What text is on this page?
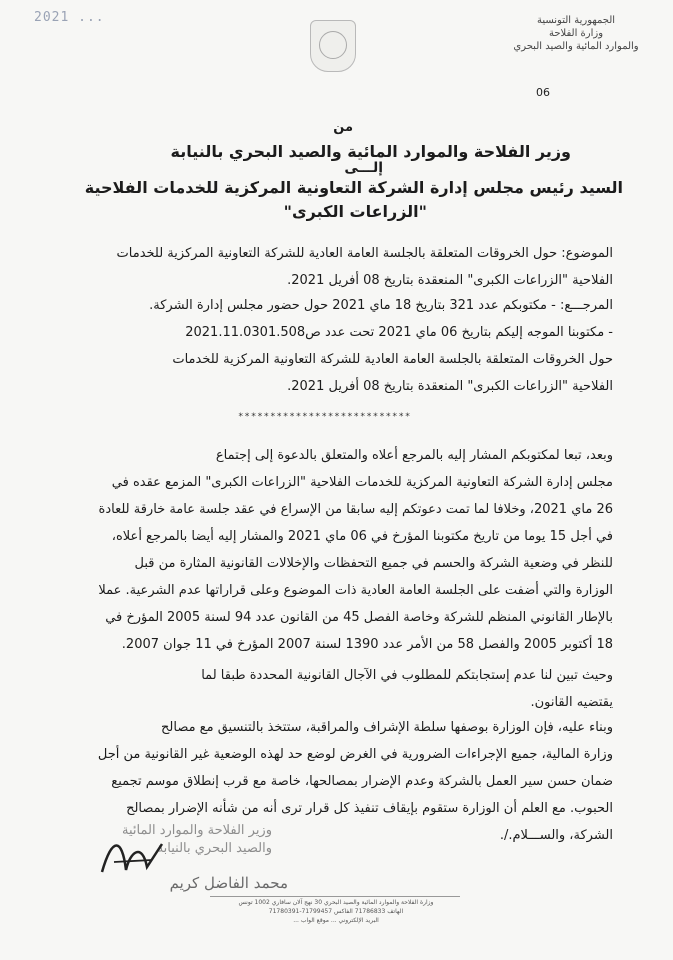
2021 ...	الجمهورية التونسية
وزارة الفلاحة
والموارد المائية والصيد البحري
06
من
وزير الفلاحة والموارد المائية والصيد البحري بالنيابة
إلـــى
السيد رئيس مجلس إدارة الشركة التعاونية المركزية للخدمات الفلاحية
"الزراعات الكبرى"
الموضوع: حول الخروقات المتعلقة بالجلسة العامة العادية للشركة التعاونية المركزية للخدمات
الفلاحية "الزراعات الكبرى" المنعقدة بتاريخ 08 أفريل 2021.
المرجـــع: - مكتوبكم عدد 321 بتاريخ 18 ماي 2021 حول حضور مجلس إدارة الشركة.
- مكتوبنا الموجه إليكم بتاريخ 06 ماي 2021 تحت عدد ص2021.11.0301.508
حول الخروقات المتعلقة بالجلسة العامة العادية للشركة التعاونية المركزية للخدمات
الفلاحية "الزراعات الكبرى" المنعقدة بتاريخ 08 أفريل 2021.
***************************
وبعد، تبعا لمكتوبكم المشار إليه بالمرجع أعلاه والمتعلق بالدعوة إلى إجتماع
مجلس إدارة الشركة التعاونية المركزية للخدمات الفلاحية "الزراعات الكبرى" المزمع عقده في
26 ماي 2021، وخلافا لما تمت دعوتكم إليه سابقا من الإسراع في عقد جلسة عامة خارقة للعادة
في أجل 15 يوما من تاريخ مكتوبنا المؤرخ في 06 ماي 2021 والمشار إليه أيضا بالمرجع أعلاه،
للنظر في وضعية الشركة والحسم في جميع التحفظات والإخلالات القانونية المثارة من قبل
الوزارة والتي أضفت على الجلسة العامة العادية ذات الموضوع وعلى قراراتها عدم الشرعية. عملا
بالإطار القانوني المنظم للشركة وخاصة الفصل 45 من القانون عدد 94 لسنة 2005 المؤرخ في
18 أكتوبر 2005 والفصل 58 من الأمر عدد 1390 لسنة 2007 المؤرخ في 11 جوان 2007.
وحيث تبين لنا عدم إستجابتكم للمطلوب في الآجال القانونية المحددة طبقا لما
يقتضيه القانون.
وبناء عليه، فإن الوزارة بوصفها سلطة الإشراف والمراقبة، ستتخذ بالتنسيق مع مصالح
وزارة المالية، جميع الإجراءات الضرورية في الغرض لوضع حد لهذه الوضعية غير القانونية من أجل
ضمان حسن سير العمل بالشركة وعدم الإضرار بمصالحها، خاصة مع قرب إنطلاق موسم تجميع
الحبوب. مع العلم أن الوزارة ستقوم بإيقاف تنفيذ كل قرار ترى أنه من شأنه الإضرار بمصالح
الشركة، والســـلام./.
وزير الفلاحة والموارد المائية
والصيد البحري بالنيابة
محمد الفاضل كريم
وزارة الفلاحة والموارد المائية والصيد البحري 30 نهج آلان سافاري 1002 تونس
الهاتف 71786833 الفاكس 71799457-71780391
البريد الإلكتروني ... موقع الواب ...
